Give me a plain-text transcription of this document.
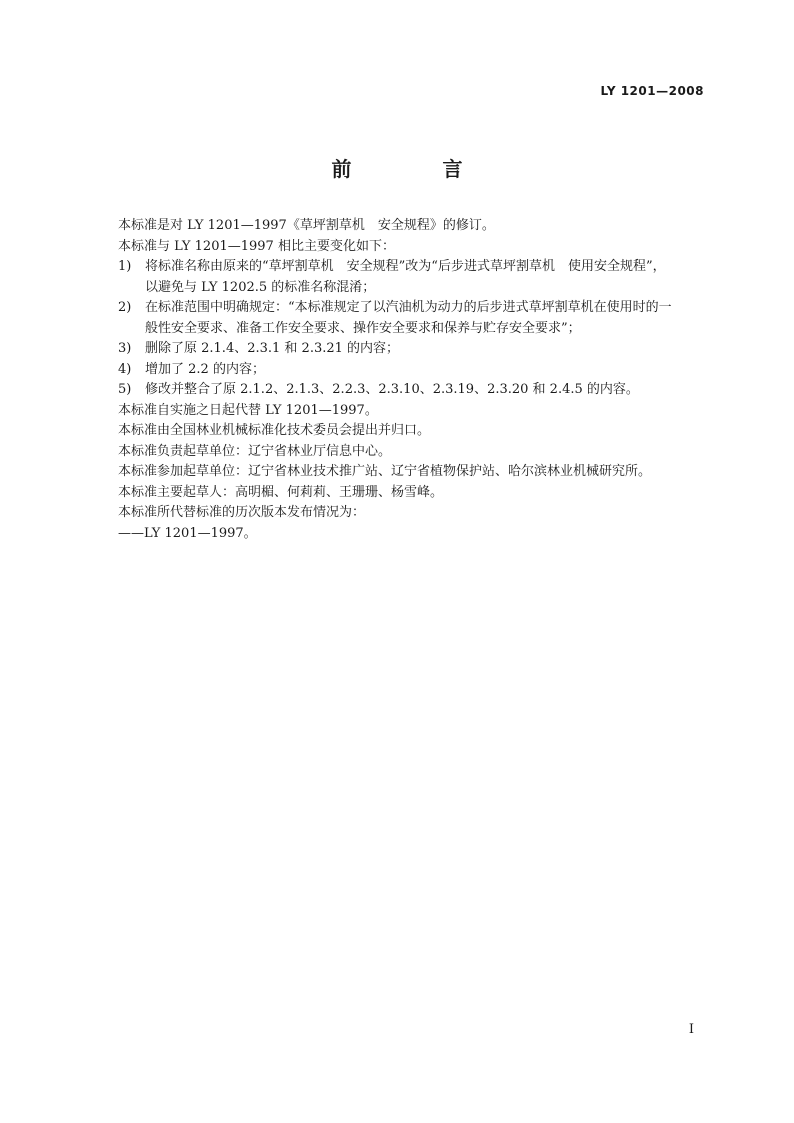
LY 1201—2008
前 言

本标准是对 LY 1201—1997《草坪割草机　安全规程》的修订。

本标准与 LY 1201—1997 相比主要变化如下：

1)	将标准名称由原来的“草坪割草机　安全规程”改为“后步进式草坪割草机　使用安全规程”，
以避免与 LY 1202.5 的标准名称混淆；
2)	在标准范围中明确规定：“本标准规定了以汽油机为动力的后步进式草坪割草机在使用时的一
般性安全要求、准备工作安全要求、操作安全要求和保养与贮存安全要求”；
3)	删除了原 2.1.4、2.3.1 和 2.3.21 的内容；
4)	增加了 2.2 的内容；
5)	修改并整合了原 2.1.2、2.1.3、2.2.3、2.3.10、2.3.19、2.3.20 和 2.4.5 的内容。

本标准自实施之日起代替 LY 1201—1997。

本标准由全国林业机械标准化技术委员会提出并归口。

本标准负责起草单位：辽宁省林业厅信息中心。

本标准参加起草单位：辽宁省林业技术推广站、辽宁省植物保护站、哈尔滨林业机械研究所。

本标准主要起草人：高明楣、何莉莉、王珊珊、杨雪峰。

本标准所代替标准的历次版本发布情况为：

——LY 1201—1997。

I
